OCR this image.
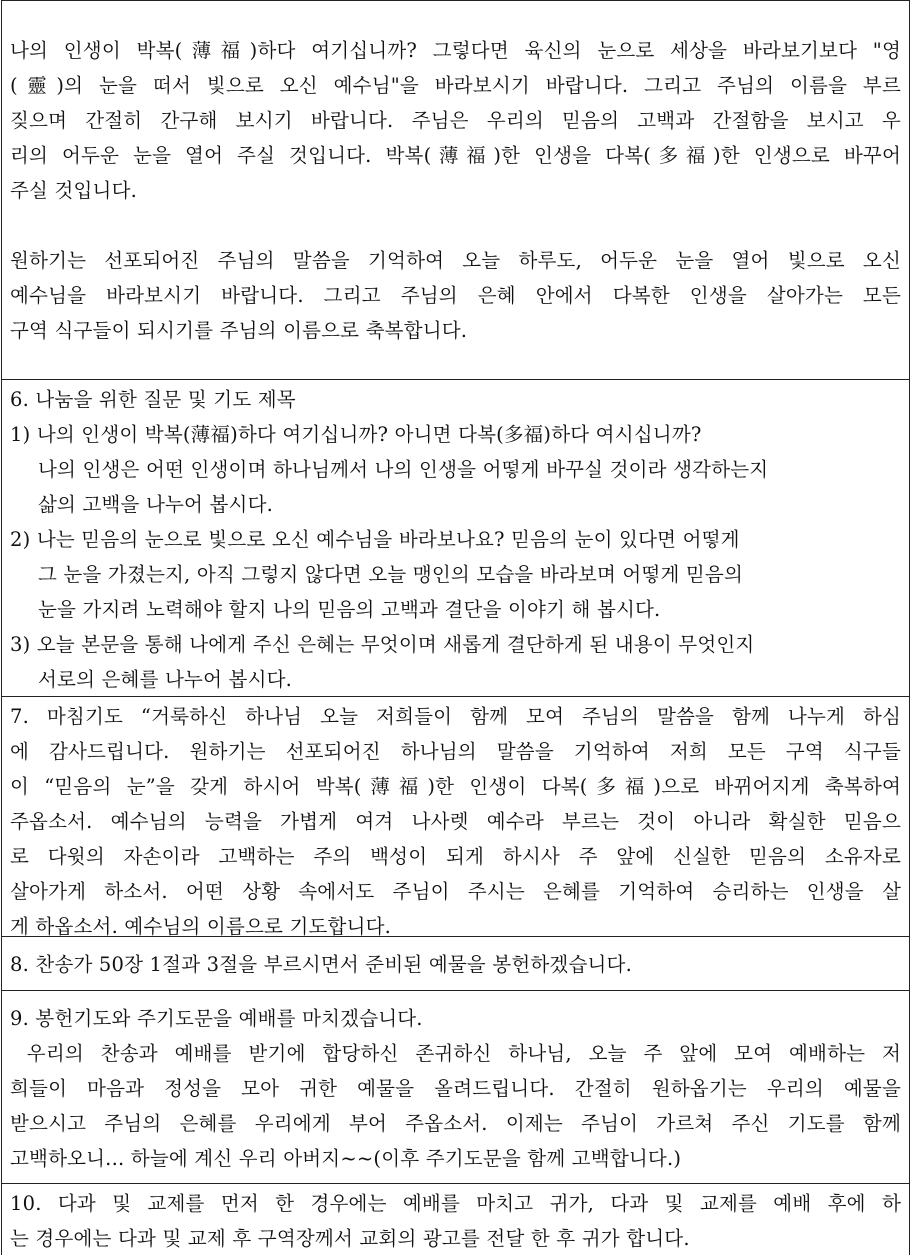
나의 인생이 박복(薄福)하다 여기십니까? 그렇다면 육신의 눈으로 세상을 바라보기보다 "영

(靈)의 눈을 떠서 빛으로 오신 예수님"을 바라보시기 바랍니다. 그리고 주님의 이름을 부르

짖으며 간절히 간구해 보시기 바랍니다. 주님은 우리의 믿음의 고백과 간절함을 보시고 우

리의 어두운 눈을 열어 주실 것입니다. 박복(薄福)한 인생을 다복(多福)한 인생으로 바꾸어

주실 것입니다.

원하기는 선포되어진 주님의 말씀을 기억하여 오늘 하루도, 어두운 눈을 열어 빛으로 오신

예수님을 바라보시기 바랍니다. 그리고 주님의 은혜 안에서 다복한 인생을 살아가는 모든

구역 식구들이 되시기를 주님의 이름으로 축복합니다.

6. 나눔을 위한 질문 및 기도 제목

1) 나의 인생이 박복(薄福)하다 여기십니까? 아니면 다복(多福)하다 여시십니까?

나의 인생은 어떤 인생이며 하나님께서 나의 인생을 어떻게 바꾸실 것이라 생각하는지

삶의 고백을 나누어 봅시다.

2) 나는 믿음의 눈으로 빛으로 오신 예수님을 바라보나요? 믿음의 눈이 있다면 어떻게

그 눈을 가졌는지, 아직 그렇지 않다면 오늘 맹인의 모습을 바라보며 어떻게 믿음의

눈을 가지려 노력해야 할지 나의 믿음의 고백과 결단을 이야기 해 봅시다.

3) 오늘 본문을 통해 나에게 주신 은혜는 무엇이며 새롭게 결단하게 된 내용이 무엇인지

서로의 은혜를 나누어 봅시다.

7. 마침기도 “거룩하신 하나님 오늘 저희들이 함께 모여 주님의 말씀을 함께 나누게 하심

에 감사드립니다. 원하기는 선포되어진 하나님의 말씀을 기억하여 저희 모든 구역 식구들

이 “믿음의 눈”을 갖게 하시어 박복(薄福)한 인생이 다복(多福)으로 바뀌어지게 축복하여

주옵소서. 예수님의 능력을 가볍게 여겨 나사렛 예수라 부르는 것이 아니라 확실한 믿음으

로 다윗의 자손이라 고백하는 주의 백성이 되게 하시사 주 앞에 신실한 믿음의 소유자로

살아가게 하소서. 어떤 상황 속에서도 주님이 주시는 은혜를 기억하여 승리하는 인생을 살

게 하옵소서. 예수님의 이름으로 기도합니다.

8. 찬송가 50장 1절과 3절을 부르시면서 준비된 예물을 봉헌하겠습니다.

9. 봉헌기도와 주기도문을 예배를 마치겠습니다.

우리의 찬송과 예배를 받기에 합당하신 존귀하신 하나님, 오늘 주 앞에 모여 예배하는 저

희들이 마음과 정성을 모아 귀한 예물을 올려드립니다. 간절히 원하옵기는 우리의 예물을

받으시고 주님의 은혜를 우리에게 부어 주옵소서. 이제는 주님이 가르쳐 주신 기도를 함께

고백하오니... 하늘에 계신 우리 아버지~~(이후 주기도문을 함께 고백합니다.)

10. 다과 및 교제를 먼저 한 경우에는 예배를 마치고 귀가, 다과 및 교제를 예배 후에 하

는 경우에는 다과 및 교제 후 구역장께서 교회의 광고를 전달 한 후 귀가 합니다.
